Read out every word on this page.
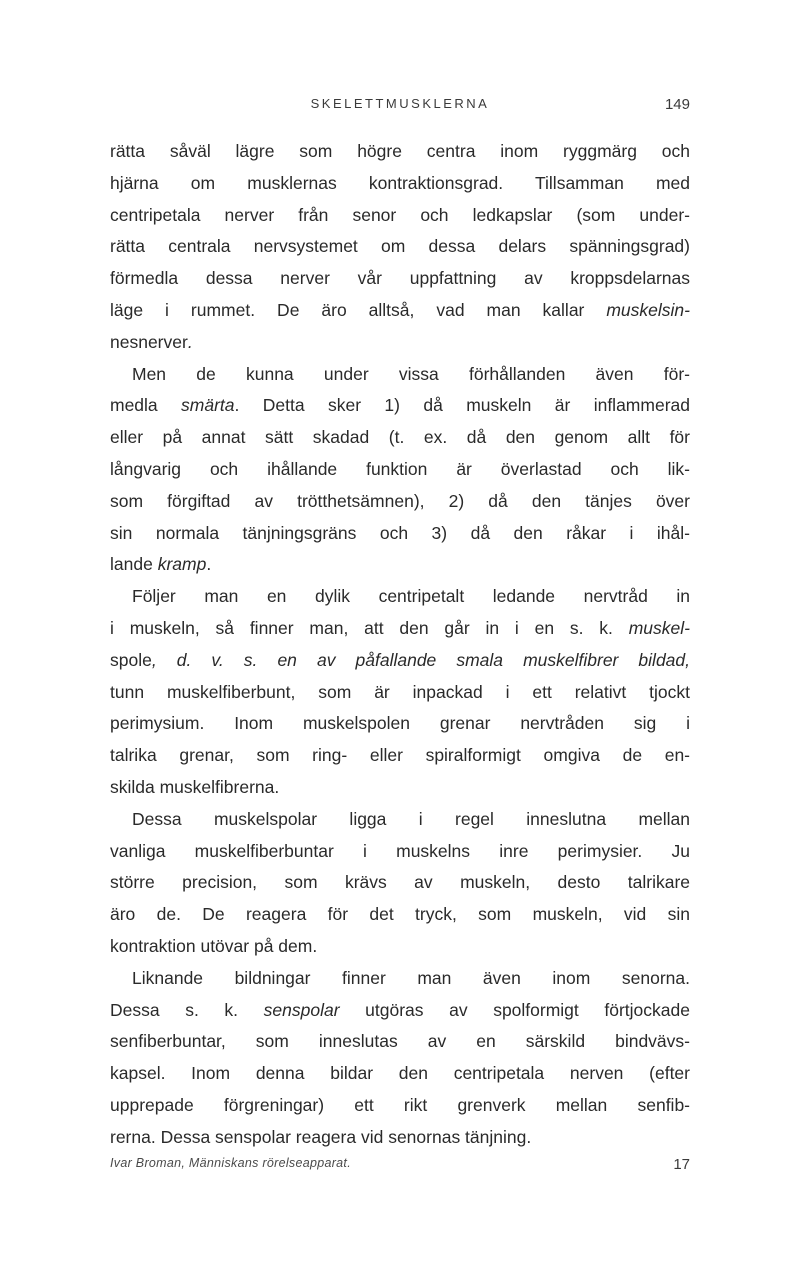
SKELETTMUSKLERNA	149
rätta såväl lägre som högre centra inom ryggmärg och
hjärna om musklernas kontraktionsgrad. Tillsamman med
centripetala nerver från senor och ledkapslar (som under-
rätta centrala nervsystemet om dessa delars spänningsgrad)
förmedla dessa nerver vår uppfattning av kroppsdelarnas
läge i rummet. De äro alltså, vad man kallar muskelsin-
nesnerver.
Men de kunna under vissa förhållanden även för-
medla smärta. Detta sker 1) då muskeln är inflammerad
eller på annat sätt skadad (t. ex. då den genom allt för
långvarig och ihållande funktion är överlastad och lik-
som förgiftad av trötthetsämnen), 2) då den tänjes över
sin normala tänjningsgräns och 3) då den råkar i ihål-
lande kramp.
Följer man en dylik centripetalt ledande nervtråd in
i muskeln, så finner man, att den går in i en s. k. muskel-
spole, d. v. s. en av påfallande smala muskelfibrer bildad,
tunn muskelfiberbunt, som är inpackad i ett relativt tjockt
perimysium. Inom muskelspolen grenar nervtråden sig i
talrika grenar, som ring- eller spiralformigt omgiva de en-
skilda muskelfibrerna.
Dessa muskelspolar ligga i regel inneslutna mellan
vanliga muskelfiberbuntar i muskelns inre perimysier. Ju
större precision, som krävs av muskeln, desto talrikare
äro de. De reagera för det tryck, som muskeln, vid sin
kontraktion utövar på dem.
Liknande bildningar finner man även inom senorna.
Dessa s. k. senspolar utgöras av spolformigt förtjockade
senfiberbuntar, som inneslutas av en särskild bindvävs-
kapsel. Inom denna bildar den centripetala nerven (efter
upprepade förgreningar) ett rikt grenverk mellan senfib-
rerna. Dessa senspolar reagera vid senornas tänjning.
Ivar Broman, Människans rörelseapparat.	17
